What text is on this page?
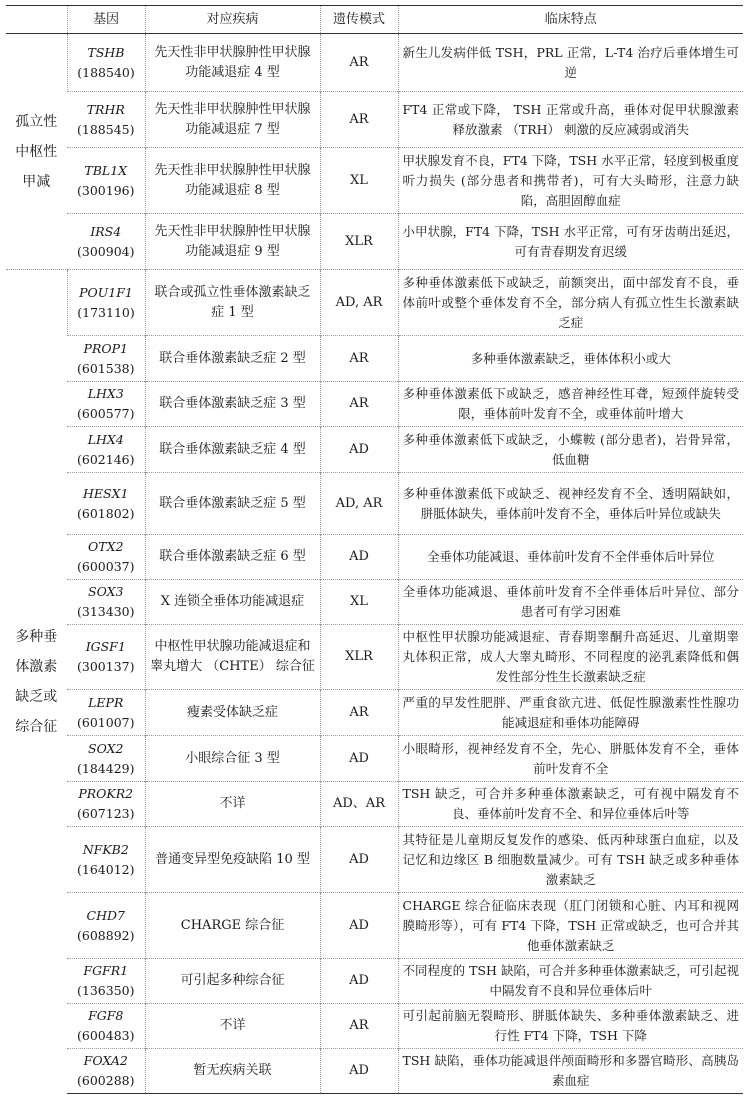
	基因	对应疾病	遗传模式	临床特点
孤立性中枢性甲减	TSHB
(188540)	先天性非甲状腺肿性甲状腺功能减退症 4 型	AR	新生儿发病伴低 TSH，PRL 正常，L-T4 治疗后垂体增生可逆

	TRHR
(188545)	先天性非甲状腺肿性甲状腺功能减退症 7 型	AR	FT4 正常或下降， TSH 正常或升高，垂体对促甲状腺激素释放激素 （TRH） 刺激的反应减弱或消失

	TBL1X
(300196)	先天性非甲状腺肿性甲状腺功能减退症 8 型	XL	甲状腺发育不良，FT4 下降，TSH 水平正常，轻度到极重度听力损失 (部分患者和携带者)，可有大头畸形，注意力缺陷，高胆固醇血症

	IRS4
(300904)	先天性非甲状腺肿性甲状腺功能减退症 9 型	XLR	小甲状腺，FT4 下降，TSH 水平正常，可有牙齿萌出延迟，可有青春期发育迟缓
多种垂体激素缺乏或综合征	POU1F1
(173110)	联合或孤立性垂体激素缺乏症 1 型	AD, AR	多种垂体激素低下或缺乏，前额突出，面中部发育不良，垂体前叶或整个垂体发育不全，部分病人有孤立性生长激素缺乏症

	PROP1
(601538)	联合垂体激素缺乏症 2 型	AR	多种垂体激素缺乏，垂体体积小或大

	LHX3
(600577)	联合垂体激素缺乏症 3 型	AR	多种垂体激素低下或缺乏，感音神经性耳聋，短颈伴旋转受限，垂体前叶发育不全，或垂体前叶增大

	LHX4
(602146)	联合垂体激素缺乏症 4 型	AD	多种垂体激素低下或缺乏，小蝶鞍 (部分患者)，岩骨异常，低血糖

	HESX1
(601802)	联合垂体激素缺乏症 5 型	AD, AR	多种垂体激素低下或缺乏、视神经发育不全、透明隔缺如，胼胝体缺失，垂体前叶发育不全，垂体后叶异位或缺失

	OTX2
(600037)	联合垂体激素缺乏症 6 型	AD	全垂体功能减退、垂体前叶发育不全伴垂体后叶异位

	SOX3
(313430)	X 连锁全垂体功能减退症	XL	全垂体功能减退、垂体前叶发育不全伴垂体后叶异位、部分患者可有学习困难

	IGSF1
(300137)	中枢性甲状腺功能减退症和睾丸增大 （CHTE） 综合征	XLR	中枢性甲状腺功能减退症、青春期睾酮升高延迟、儿童期睾丸体积正常，成人大睾丸畸形、不同程度的泌乳素降低和偶发性部分性生长激素缺乏症

	LEPR
(601007)	瘦素受体缺乏症	AR	严重的早发性肥胖、严重食欲亢进、低促性腺激素性性腺功能减退症和垂体功能障碍

	SOX2
(184429)	小眼综合征 3 型	AD	小眼畸形，视神经发育不全，先心、胼胝体发育不全，垂体前叶发育不全

	PROKR2
(607123)	不详	AD、AR	TSH 缺乏，可合并多种垂体激素缺乏，可有视中隔发育不良、垂体前叶发育不全、和异位垂体后叶等

	NFKB2
(164012)	普通变异型免疫缺陷 10 型	AD	其特征是儿童期反复发作的感染、低丙种球蛋白血症，以及记忆和边缘区 B 细胞数量减少。可有 TSH 缺乏或多种垂体激素缺乏

	CHD7
(608892)	CHARGE 综合征	AD	CHARGE 综合征临床表现（肛门闭锁和心脏、内耳和视网膜畸形等），可有 FT4 下降，TSH 正常或缺乏，也可合并其他垂体激素缺乏

	FGFR1
(136350)	可引起多种综合征	AD	不同程度的 TSH 缺陷，可合并多种垂体激素缺乏，可引起视中隔发育不良和异位垂体后叶

	FGF8
(600483)	不详	AR	可引起前脑无裂畸形、胼胝体缺失、多种垂体激素缺乏、进行性 FT4 下降，TSH 下降

	FOXA2
(600288)	暂无疾病关联	AD	TSH 缺陷，垂体功能减退伴颅面畸形和多器官畸形、高胰岛素血症
